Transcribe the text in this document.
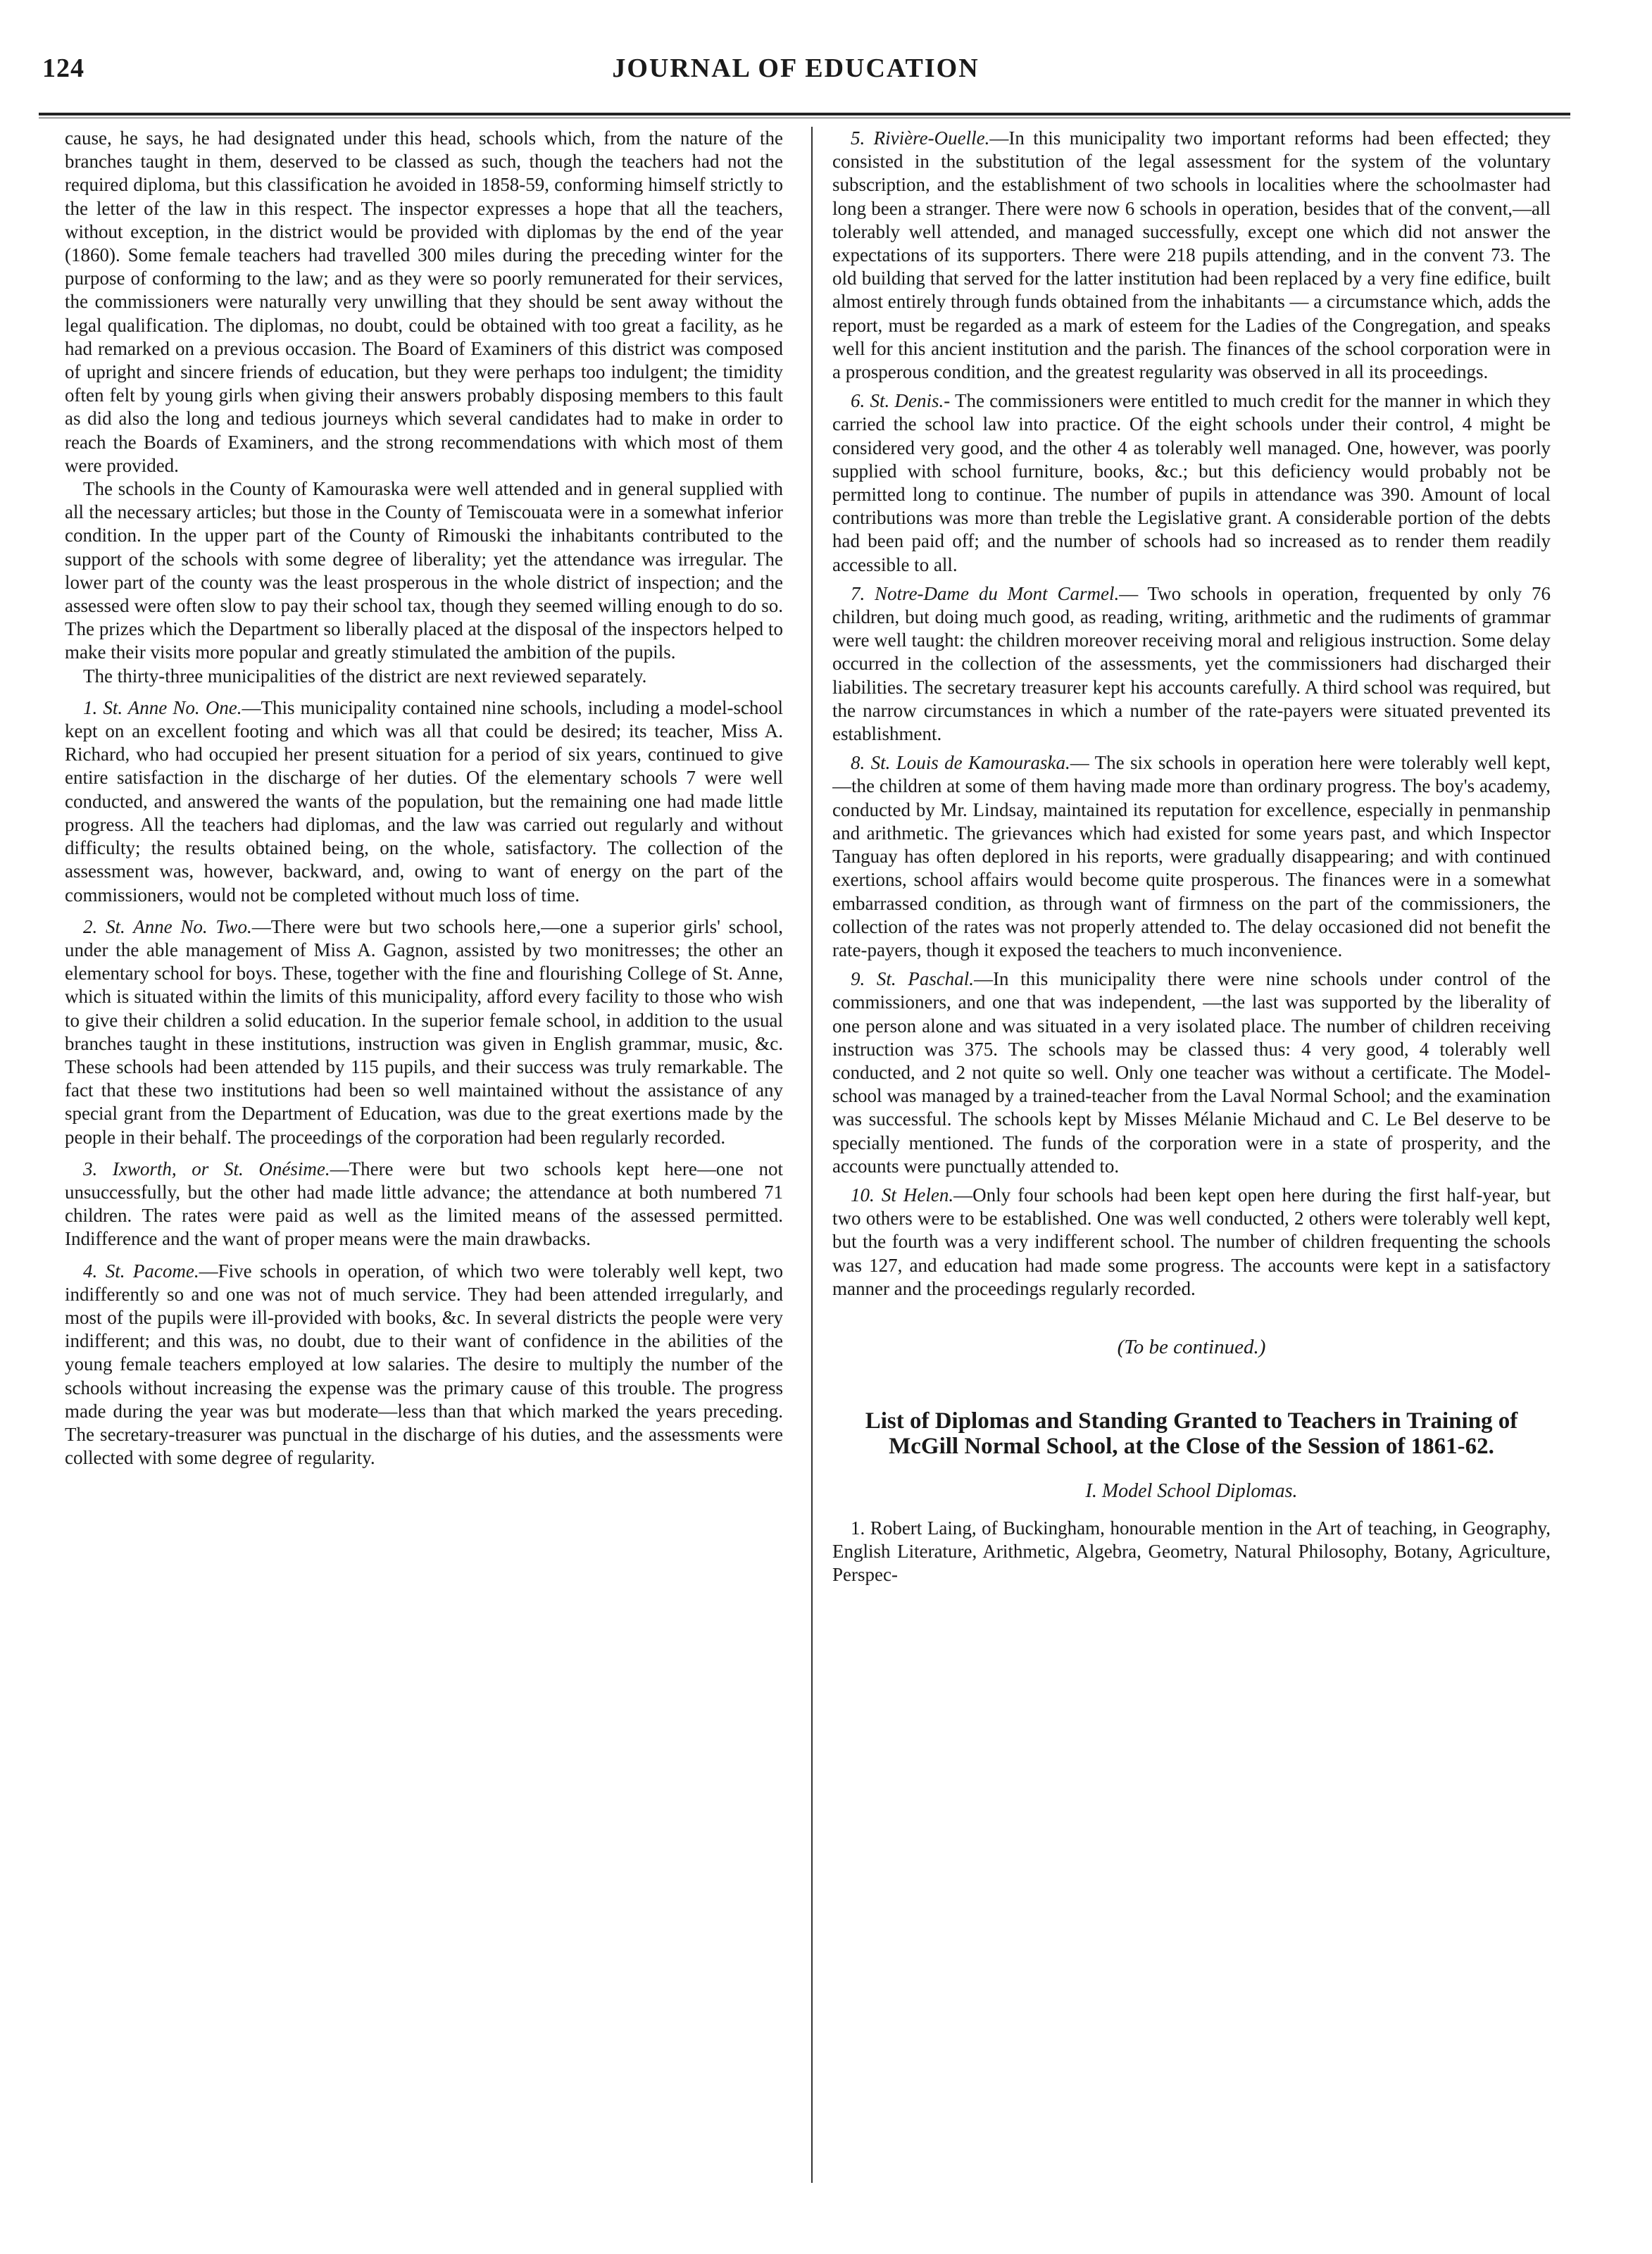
124	JOURNAL OF EDUCATION

cause, he says, he had designated under this head, schools which, from the nature of the branches taught in them, deserved to be classed as such, though the teachers had not the required diploma, but this classification he avoided in 1858-59, conforming himself strictly to the letter of the law in this respect. The inspector expresses a hope that all the teachers, without exception, in the district would be provided with diplomas by the end of the year (1860). Some female teachers had travelled 300 miles during the preceding winter for the purpose of conforming to the law; and as they were so poorly remunerated for their services, the commissioners were naturally very unwilling that they should be sent away without the legal qualification. The diplomas, no doubt, could be obtained with too great a facility, as he had remarked on a previous occasion. The Board of Examiners of this district was composed of upright and sincere friends of education, but they were perhaps too indulgent; the timidity often felt by young girls when giving their answers probably disposing members to this fault as did also the long and tedious journeys which several candidates had to make in order to reach the Boards of Examiners, and the strong recommendations with which most of them were provided.

The schools in the County of Kamouraska were well attended and in general supplied with all the necessary articles; but those in the County of Temiscouata were in a somewhat inferior condition. In the upper part of the County of Rimouski the inhabitants contributed to the support of the schools with some degree of liberality; yet the attendance was irregular. The lower part of the county was the least prosperous in the whole district of inspection; and the assessed were often slow to pay their school tax, though they seemed willing enough to do so. The prizes which the Department so liberally placed at the disposal of the inspectors helped to make their visits more popular and greatly stimulated the ambition of the pupils.

The thirty-three municipalities of the district are next reviewed separately.

1. St. Anne No. One.—This municipality contained nine schools, including a model-school kept on an excellent footing and which was all that could be desired; its teacher, Miss A. Richard, who had occupied her present situation for a period of six years, continued to give entire satisfaction in the discharge of her duties. Of the elementary schools 7 were well conducted, and answered the wants of the population, but the remaining one had made little progress. All the teachers had diplomas, and the law was carried out regularly and without difficulty; the results obtained being, on the whole, satisfactory. The collection of the assessment was, however, backward, and, owing to want of energy on the part of the commissioners, would not be completed without much loss of time.

2. St. Anne No. Two.—There were but two schools here,—one a superior girls' school, under the able management of Miss A. Gagnon, assisted by two monitresses; the other an elementary school for boys. These, together with the fine and flourishing College of St. Anne, which is situated within the limits of this municipality, afford every facility to those who wish to give their children a solid education. In the superior female school, in addition to the usual branches taught in these institutions, instruction was given in English grammar, music, &c. These schools had been attended by 115 pupils, and their success was truly remarkable. The fact that these two institutions had been so well maintained without the assistance of any special grant from the Department of Education, was due to the great exertions made by the people in their behalf. The proceedings of the corporation had been regularly recorded.

3. Ixworth, or St. Onésime.—There were but two schools kept here—one not unsuccessfully, but the other had made little advance; the attendance at both numbered 71 children. The rates were paid as well as the limited means of the assessed permitted. Indifference and the want of proper means were the main drawbacks.

4. St. Pacome.—Five schools in operation, of which two were tolerably well kept, two indifferently so and one was not of much service. They had been attended irregularly, and most of the pupils were ill-provided with books, &c. In several districts the people were very indifferent; and this was, no doubt, due to their want of confidence in the abilities of the young female teachers employed at low salaries. The desire to multiply the number of the schools without increasing the expense was the primary cause of this trouble. The progress made during the year was but moderate—less than that which marked the years preceding. The secretary-treasurer was punctual in the discharge of his duties, and the assessments were collected with some degree of regularity.

5. Rivière-Ouelle.—In this municipality two important reforms had been effected; they consisted in the substitution of the legal assessment for the system of the voluntary subscription, and the establishment of two schools in localities where the schoolmaster had long been a stranger. There were now 6 schools in operation, besides that of the convent,—all tolerably well attended, and managed successfully, except one which did not answer the expectations of its supporters. There were 218 pupils attending, and in the convent 73. The old building that served for the latter institution had been replaced by a very fine edifice, built almost entirely through funds obtained from the inhabitants — a circumstance which, adds the report, must be regarded as a mark of esteem for the Ladies of the Congregation, and speaks well for this ancient institution and the parish. The finances of the school corporation were in a prosperous condition, and the greatest regularity was observed in all its proceedings.

6. St. Denis.- The commissioners were entitled to much credit for the manner in which they carried the school law into practice. Of the eight schools under their control, 4 might be considered very good, and the other 4 as tolerably well managed. One, however, was poorly supplied with school furniture, books, &c.; but this deficiency would probably not be permitted long to continue. The number of pupils in attendance was 390. Amount of local contributions was more than treble the Legislative grant. A considerable portion of the debts had been paid off; and the number of schools had so increased as to render them readily accessible to all.

7. Notre-Dame du Mont Carmel.— Two schools in operation, frequented by only 76 children, but doing much good, as reading, writing, arithmetic and the rudiments of grammar were well taught: the children moreover receiving moral and religious instruction. Some delay occurred in the collection of the assessments, yet the commissioners had discharged their liabilities. The secretary treasurer kept his accounts carefully. A third school was required, but the narrow circumstances in which a number of the rate-payers were situated prevented its establishment.

8. St. Louis de Kamouraska.— The six schools in operation here were tolerably well kept,—the children at some of them having made more than ordinary progress. The boy's academy, conducted by Mr. Lindsay, maintained its reputation for excellence, especially in penmanship and arithmetic. The grievances which had existed for some years past, and which Inspector Tanguay has often deplored in his reports, were gradually disappearing; and with continued exertions, school affairs would become quite prosperous. The finances were in a somewhat embarrassed condition, as through want of firmness on the part of the commissioners, the collection of the rates was not properly attended to. The delay occasioned did not benefit the rate-payers, though it exposed the teachers to much inconvenience.

9. St. Paschal.—In this municipality there were nine schools under control of the commissioners, and one that was independent, —the last was supported by the liberality of one person alone and was situated in a very isolated place. The number of children receiving instruction was 375. The schools may be classed thus: 4 very good, 4 tolerably well conducted, and 2 not quite so well. Only one teacher was without a certificate. The Model-school was managed by a trained-teacher from the Laval Normal School; and the examination was successful. The schools kept by Misses Mélanie Michaud and C. Le Bel deserve to be specially mentioned. The funds of the corporation were in a state of prosperity, and the accounts were punctually attended to.

10. St Helen.—Only four schools had been kept open here during the first half-year, but two others were to be established. One was well conducted, 2 others were tolerably well kept, but the fourth was a very indifferent school. The number of children frequenting the schools was 127, and education had made some progress. The accounts were kept in a satisfactory manner and the proceedings regularly recorded.

(To be continued.)
List of Diplomas and Standing Granted to Teachers in Training of McGill Normal School, at the Close of the Session of 1861-62.
I. Model School Diplomas.

1. Robert Laing, of Buckingham, honourable mention in the Art of teaching, in Geography, English Literature, Arithmetic, Algebra, Geometry, Natural Philosophy, Botany, Agriculture, Perspec-
